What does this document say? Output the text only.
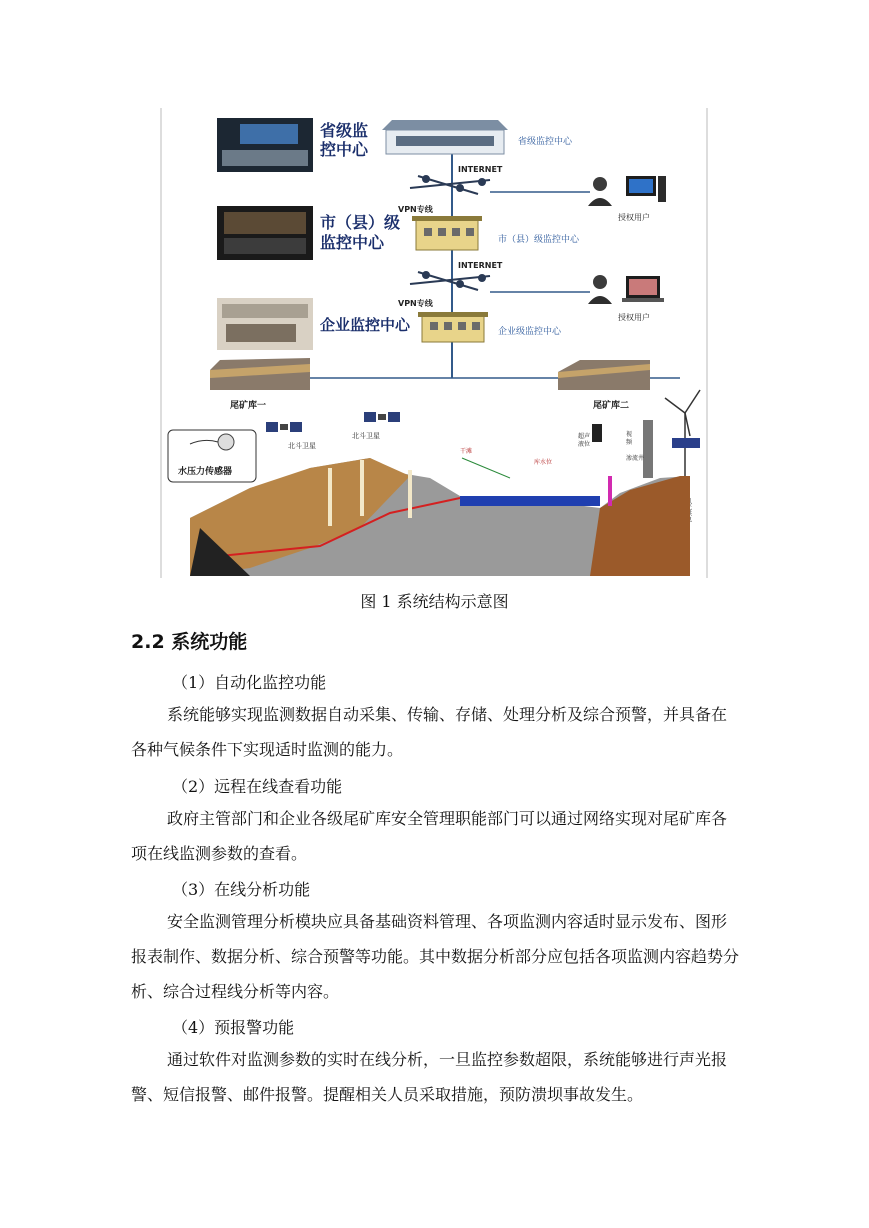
省级监
控中心	省级监控中心
INTERNET
授权用户
VPN专线
市（县）级
监控中心	市（县）级监控中心
INTERNET
授权用户
VPN专线
企业监控中心	企业级监控中心
尾矿库一	尾矿库二
北斗卫星
北斗卫星
水压力传感器
超声
液位
视
频
渗流井
干滩
库水位
图 1 系统结构示意图
2.2 系统功能
（1）自动化监控功能

系统能够实现监测数据自动采集、传输、存储、处理分析及综合预警，并具备在各种气候条件下实现适时监测的能力。

（2）远程在线查看功能

政府主管部门和企业各级尾矿库安全管理职能部门可以通过网络实现对尾矿库各项在线监测参数的查看。

（3）在线分析功能

安全监测管理分析模块应具备基础资料管理、各项监测内容适时显示发布、图形报表制作、数据分析、综合预警等功能。其中数据分析部分应包括各项监测内容趋势分析、综合过程线分析等内容。

（4）预报警功能

通过软件对监测参数的实时在线分析，一旦监控参数超限，系统能够进行声光报警、短信报警、邮件报警。提醒相关人员采取措施，预防溃坝事故发生。
